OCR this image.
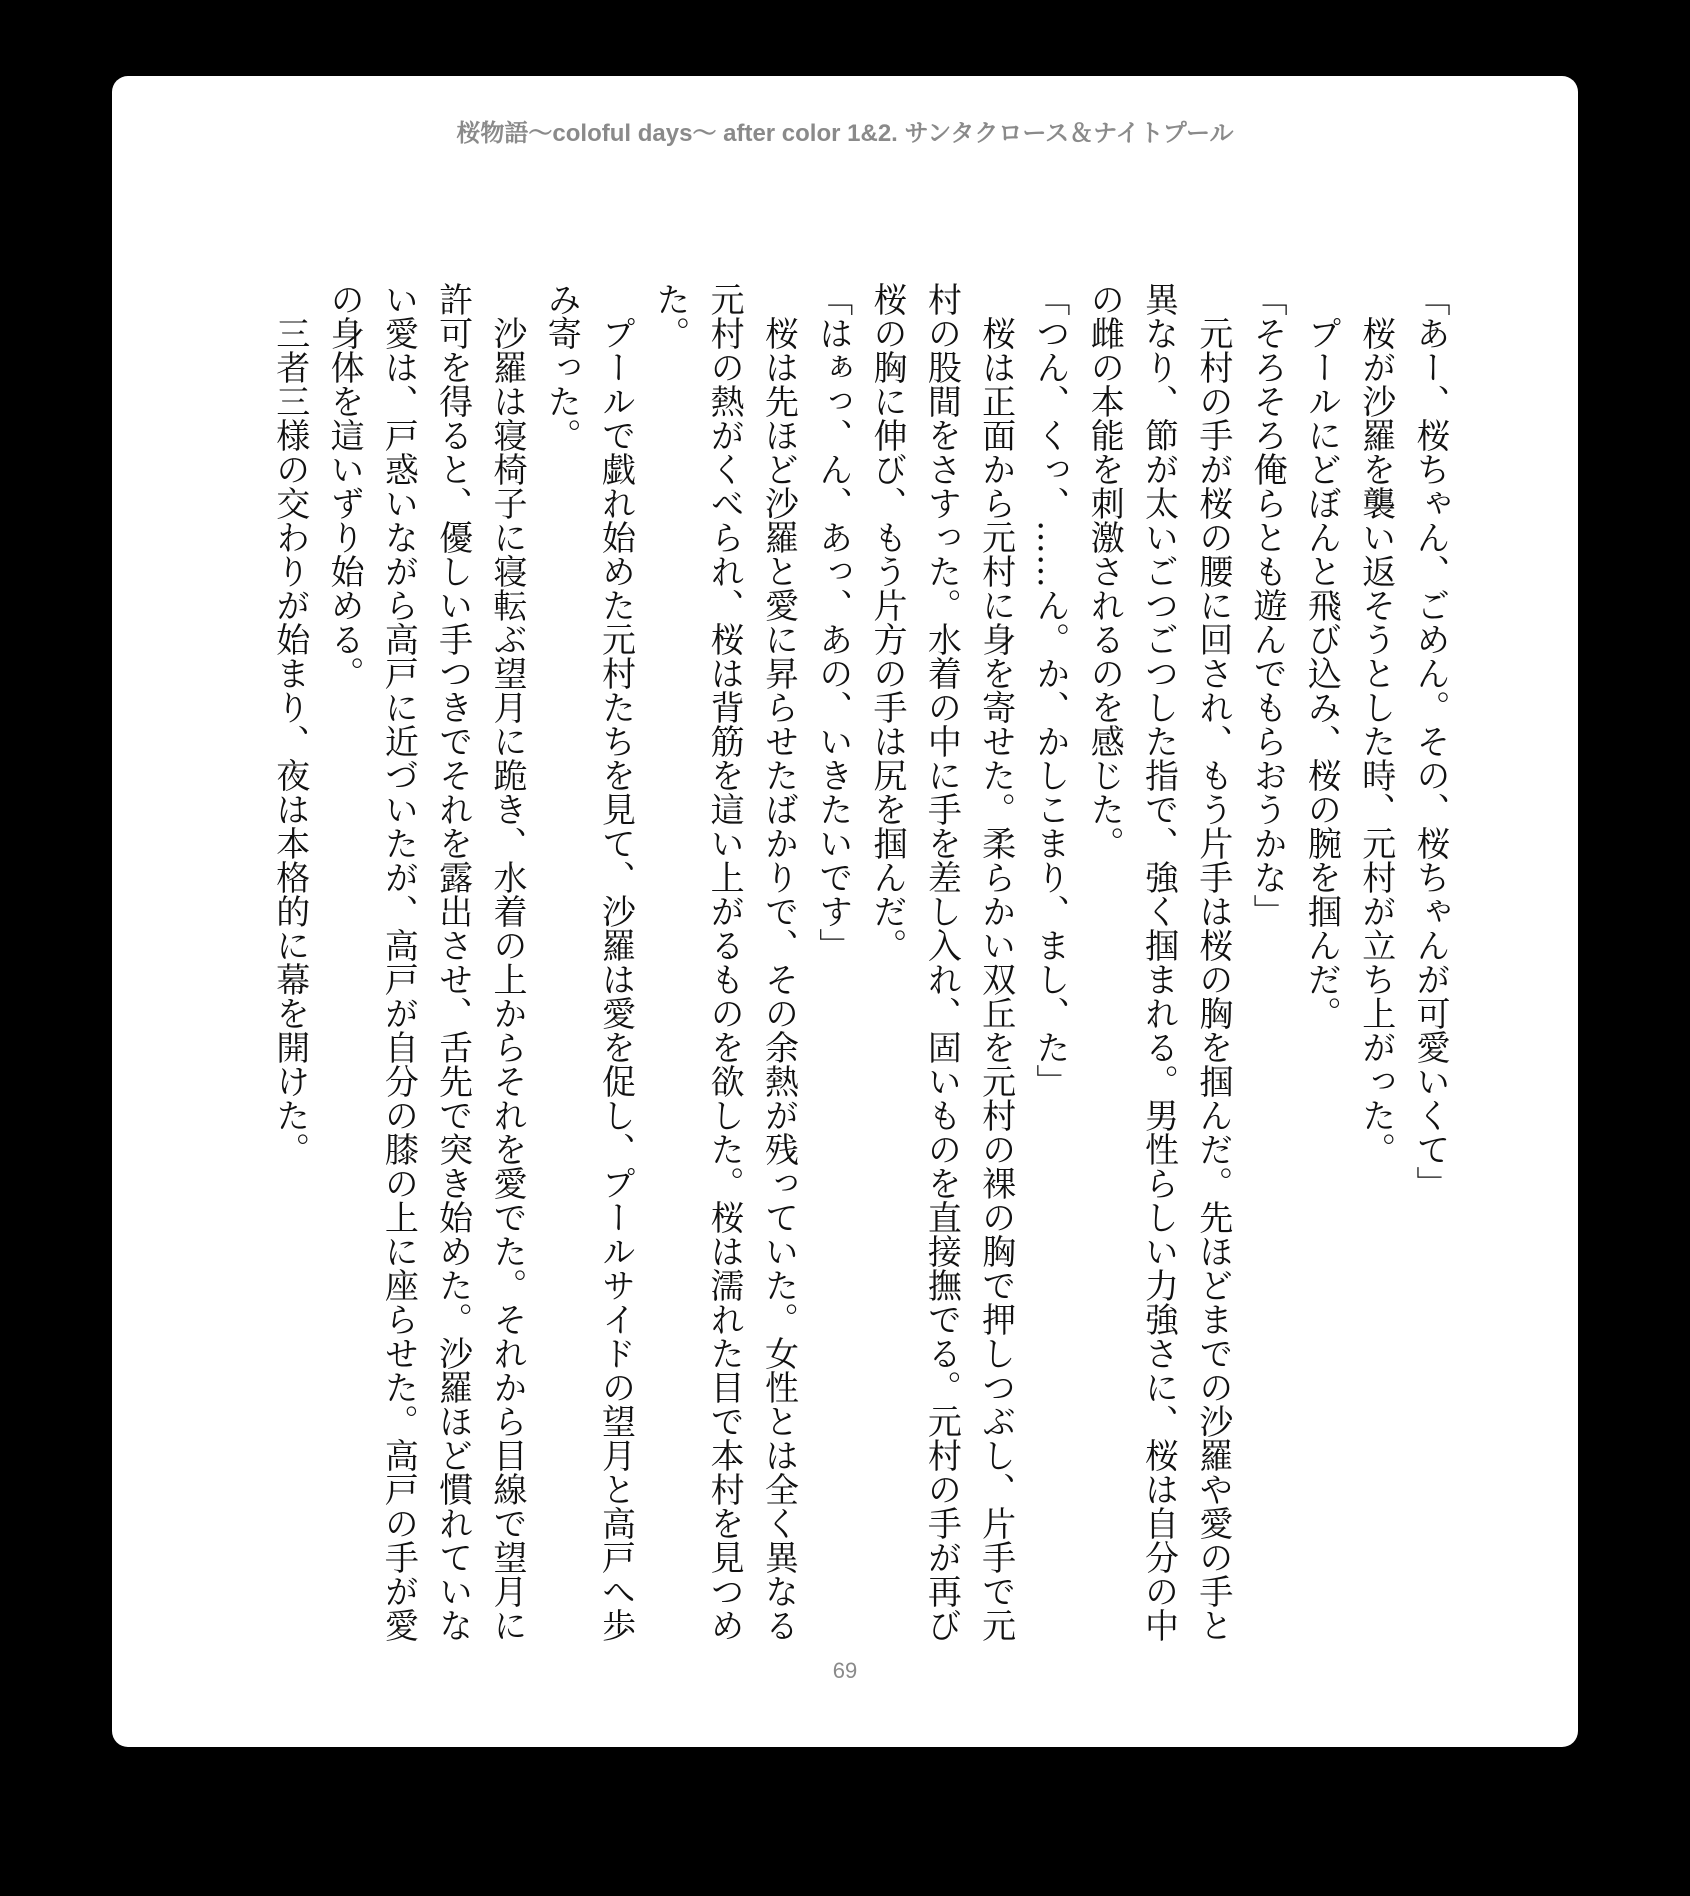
桜物語〜coloful days〜 after color 1&2. サンタクロース＆ナイトプール
「あー、桜ちゃん、ごめん。その、桜ちゃんが可愛いくて」
　桜が沙羅を襲い返そうとした時、元村が立ち上がった。
　プールにどぼんと飛び込み、桜の腕を掴んだ。
「そろそろ俺らとも遊んでもらおうかな」
　元村の手が桜の腰に回され、もう片手は桜の胸を掴んだ。先ほどまでの沙羅や愛の手と
異なり、節が太いごつごつした指で、強く掴まれる。男性らしい力強さに、桜は自分の中
の雌の本能を刺激されるのを感じた。
「つん、くっ、……ん。か、かしこまり、まし、た」
　桜は正面から元村に身を寄せた。柔らかい双丘を元村の裸の胸で押しつぶし、片手で元
村の股間をさすった。水着の中に手を差し入れ、固いものを直接撫でる。元村の手が再び
桜の胸に伸び、もう片方の手は尻を掴んだ。
「はぁっ、ん、あっ、あの、いきたいです」
　桜は先ほど沙羅と愛に昇らせたばかりで、その余熱が残っていた。女性とは全く異なる
元村の熱がくべられ、桜は背筋を這い上がるものを欲した。桜は濡れた目で本村を見つめ
た。
　プールで戯れ始めた元村たちを見て、沙羅は愛を促し、プールサイドの望月と高戸へ歩
み寄った。
　沙羅は寝椅子に寝転ぶ望月に跪き、水着の上からそれを愛でた。それから目線で望月に
許可を得ると、優しい手つきでそれを露出させ、舌先で突き始めた。沙羅ほど慣れていな
い愛は、戸惑いながら高戸に近づいたが、高戸が自分の膝の上に座らせた。高戸の手が愛
の身体を這いずり始める。
　三者三様の交わりが始まり、夜は本格的に幕を開けた。
69
